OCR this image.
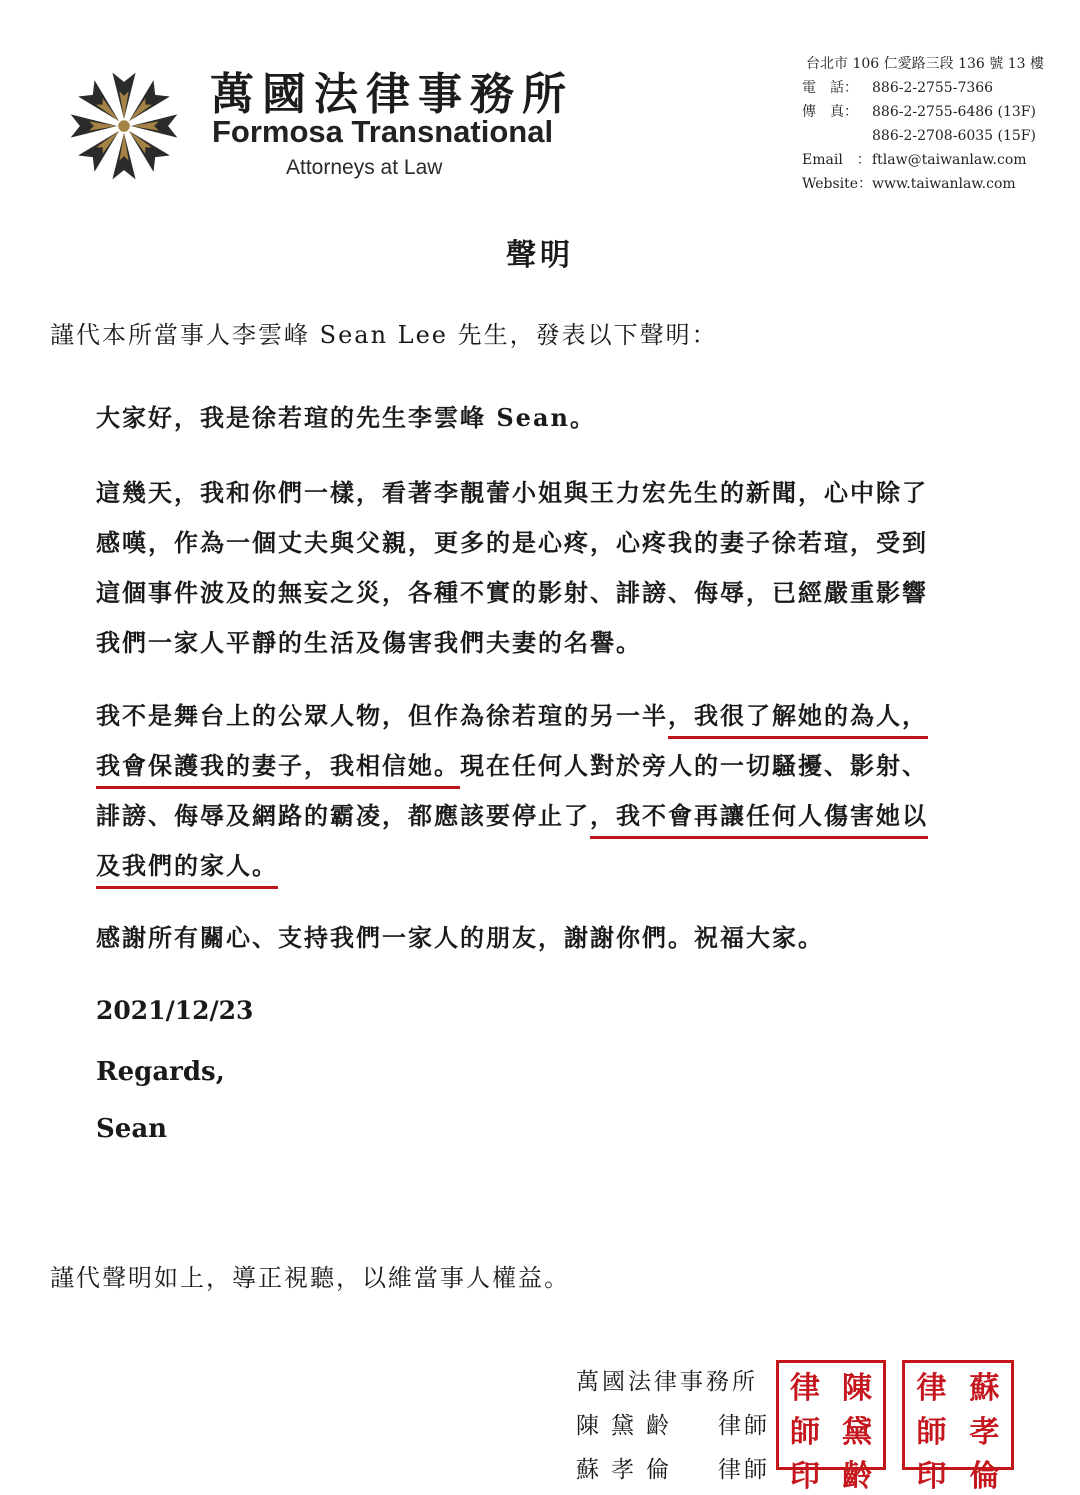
萬國法律事務所
Formosa Transnational
Attorneys at Law
台北市 106 仁愛路三段 136 號 13 樓
電　話：	886-2-2755-7366
傳　真：	886-2-2755-6486 (13F)
886-2-2708-6035 (15F)
Email　： ftlaw@taiwanlaw.com
Website： www.taiwanlaw.com
聲明
謹代本所當事人李雲峰 Sean Lee 先生，發表以下聲明：
大家好，我是徐若瑄的先生李雲峰 Sean。
這幾天，我和你們一樣，看著李靚蕾小姐與王力宏先生的新聞，心中除了
感嘆，作為一個丈夫與父親，更多的是心疼，心疼我的妻子徐若瑄，受到
這個事件波及的無妄之災，各種不實的影射、誹謗、侮辱，已經嚴重影響
我們一家人平靜的生活及傷害我們夫妻的名譽。
我不是舞台上的公眾人物，但作為徐若瑄的另一半，我很了解她的為人，
我會保護我的妻子，我相信她。現在任何人對於旁人的一切騷擾、影射、
誹謗、侮辱及網路的霸凌，都應該要停止了，我不會再讓任何人傷害她以
及我們的家人。
感謝所有關心、支持我們一家人的朋友，謝謝你們。祝福大家。
2021/12/23
Regards,
Sean
謹代聲明如上，導正視聽，以維當事人權益。
萬國法律事務所
陳黛齡 律師
蘇孝倫 律師
律 陳
師 黛
印 齡
律 蘇
師 孝
印 倫
